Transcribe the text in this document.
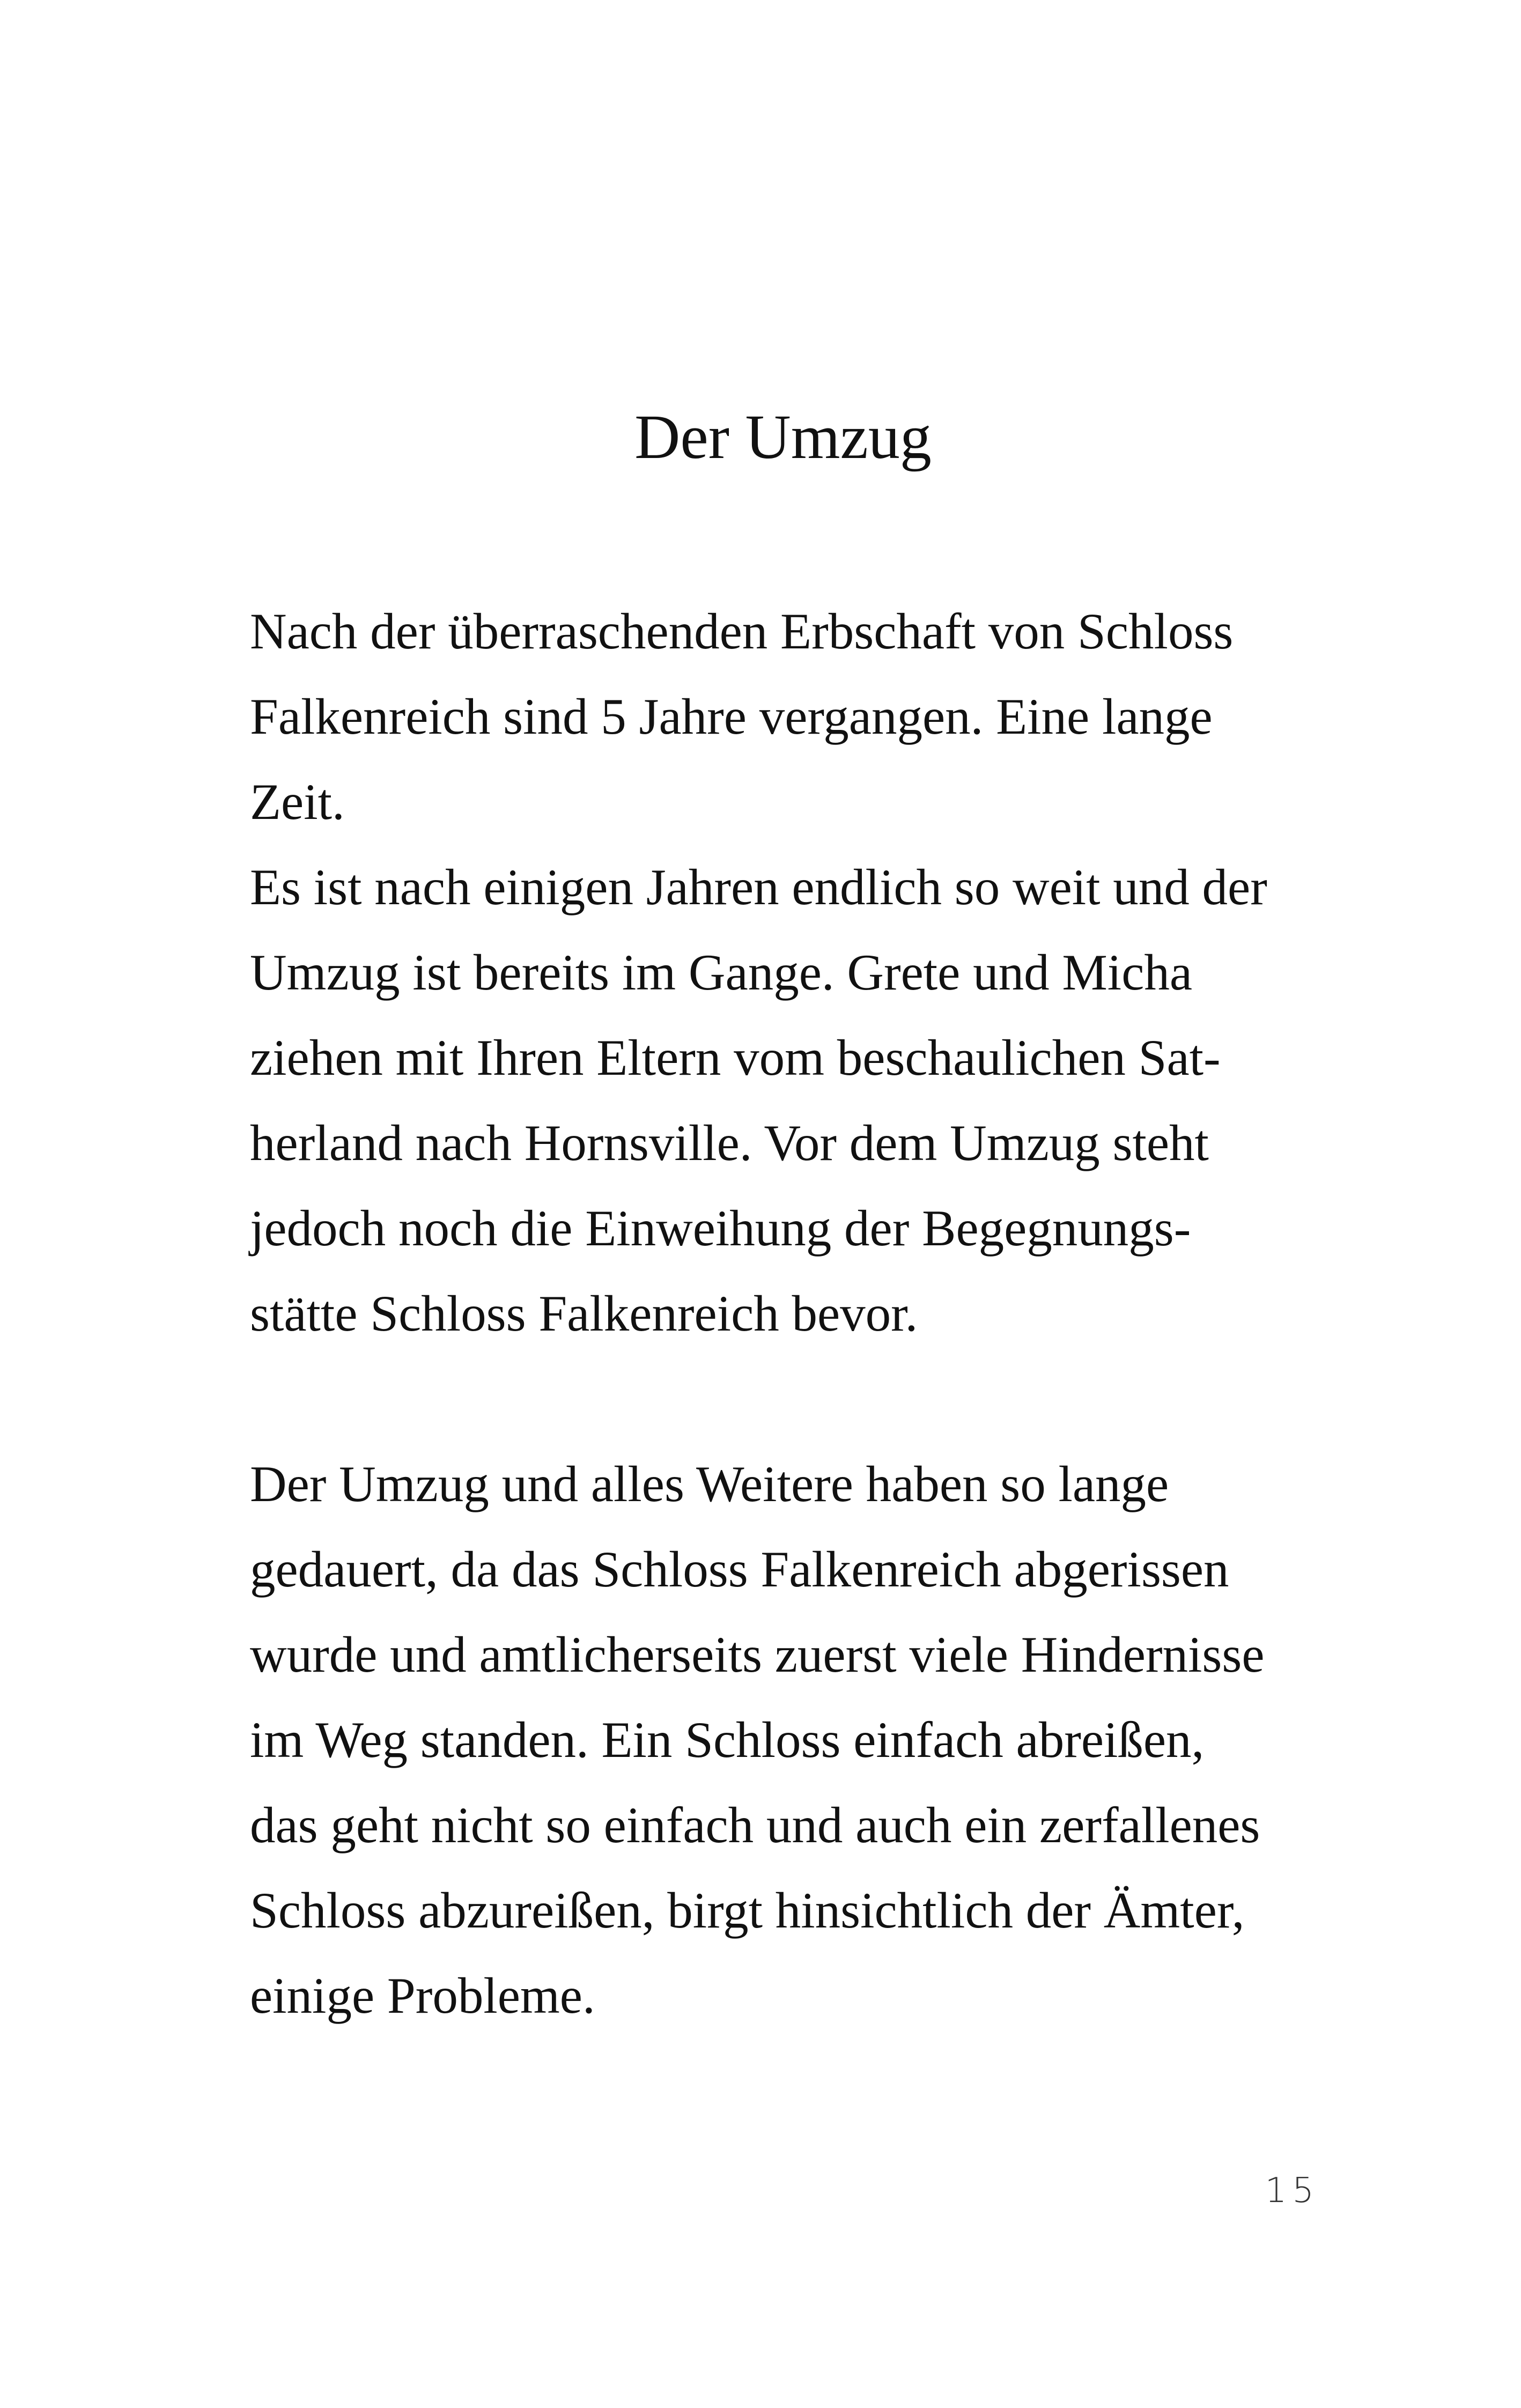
Der Umzug
Nach der überraschenden Erbschaft von Schloss
Falkenreich sind 5 Jahre vergangen. Eine lange
Zeit.
Es ist nach einigen Jahren endlich so weit und der
Umzug ist bereits im Gange. Grete und Micha
ziehen mit Ihren Eltern vom beschaulichen Sat-
herland nach Hornsville. Vor dem Umzug steht
jedoch noch die Einweihung der Begegnungs-
stätte Schloss Falkenreich bevor.
Der Umzug und alles Weitere haben so lange
gedauert, da das Schloss Falkenreich abgerissen
wurde und amtlicherseits zuerst viele Hindernisse
im Weg standen. Ein Schloss einfach abreißen,
das geht nicht so einfach und auch ein zerfallenes
Schloss abzureißen, birgt hinsichtlich der Ämter,
einige Probleme.
15
